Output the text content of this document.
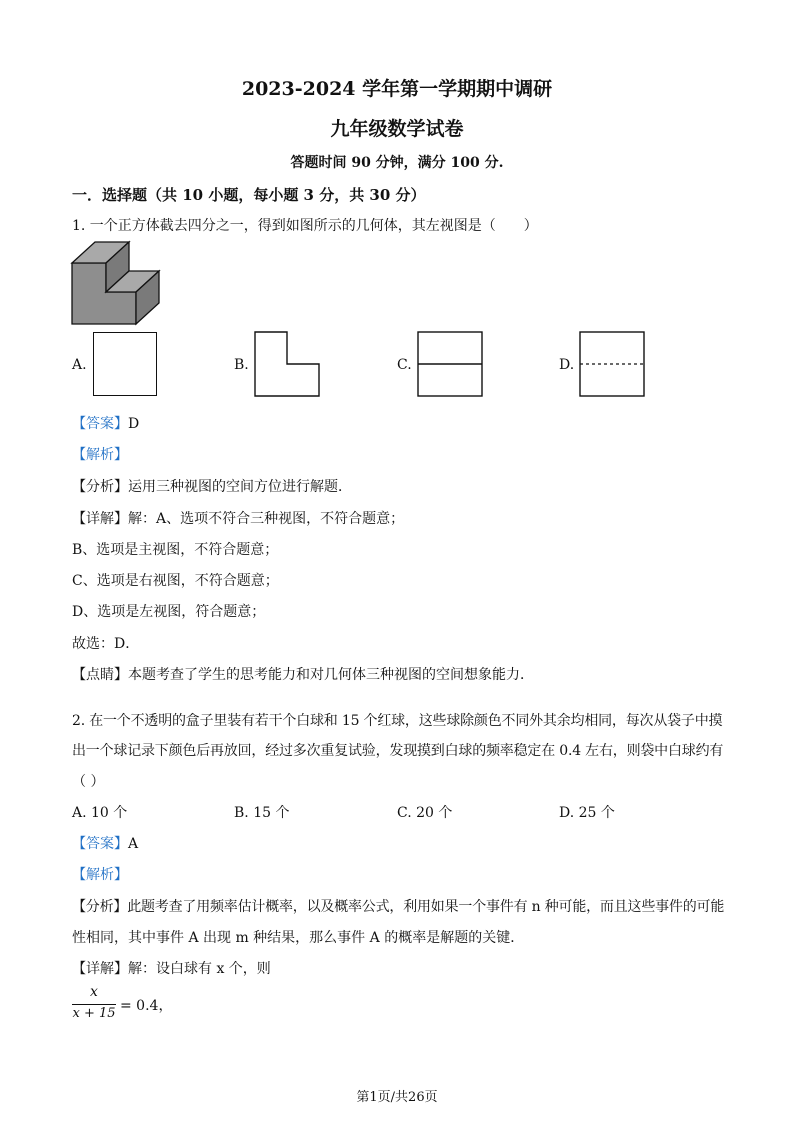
2023-2024 学年第一学期期中调研
九年级数学试卷
答题时间 90 分钟，满分 100 分.
一．选择题（共 10 小题，每小题 3 分，共 30 分）
1. 一个正方体截去四分之一，得到如图所示的几何体，其左视图是（　　）
A.	B.	C.	D.
【答案】D
【解析】
【分析】运用三种视图的空间方位进行解题．
【详解】解：A、选项不符合三种视图，不符合题意；
B、选项是主视图，不符合题意；
C、选项是右视图，不符合题意；
D、选项是左视图，符合题意；
故选：D．
【点睛】本题考查了学生的思考能力和对几何体三种视图的空间想象能力．
2. 在一个不透明的盒子里装有若干个白球和 15 个红球，这些球除颜色不同外其余均相同，每次从袋子中摸
出一个球记录下颜色后再放回，经过多次重复试验，发现摸到白球的频率稳定在 0.4 左右，则袋中白球约有
（ ）
A. 10 个	B. 15 个	C. 20 个	D. 25 个
【答案】A
【解析】
【分析】此题考查了用频率估计概率，以及概率公式，利用如果一个事件有 n 种可能，而且这些事件的可能
性相同，其中事件 A 出现 m 种结果，那么事件 A 的概率是解题的关键．
【详解】解：设白球有 x 个，则
x
x + 15 = 0.4，
第1页/共26页
